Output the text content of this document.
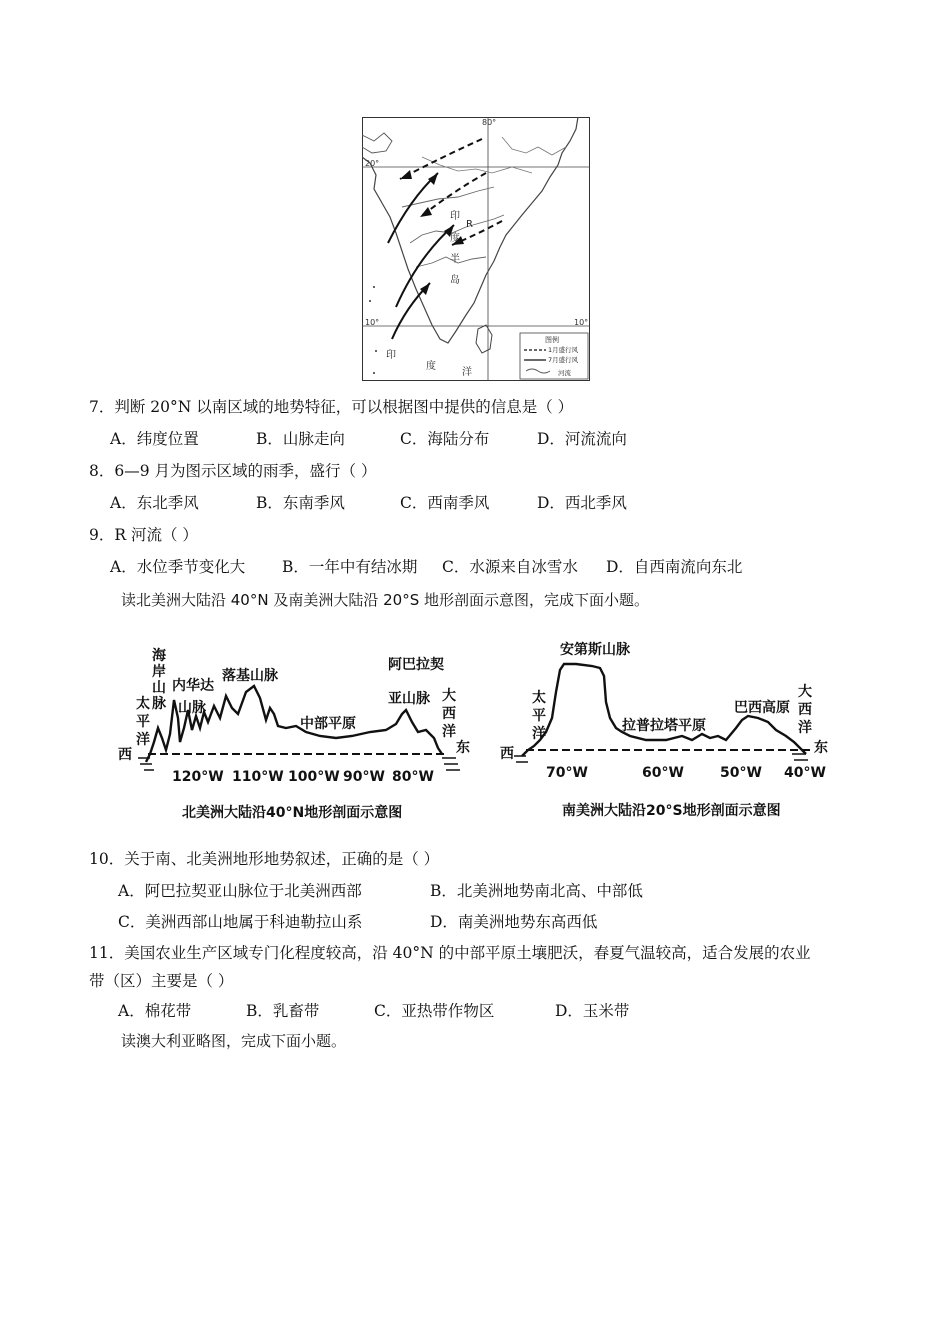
20°
10°	10°
80°
印
R
度
半
岛
印
度
洋
图例
1月盛行风
7月盛行风
河流
7．判断 20°N 以南区域的地势特征，可以根据图中提供的信息是（ ）
A．纬度位置	B．山脉走向	C．海陆分布	D．河流流向
8．6—9 月为图示区域的雨季，盛行（ ）
A．东北季风	B．东南季风	C．西南季风	D．西北季风
9．R 河流（ ）
A．水位季节变化大 B．一年中有结冰期 C．水源来自冰雪水 D．自西南流向东北
读北美洲大陆沿 40°N 及南美洲大陆沿 20°S 地形剖面示意图，完成下面小题。
西	东
太
平
洋
海
岸
山
脉
内华达
山脉
落基山脉
中部平原
阿巴拉契
亚山脉 大
西
洋
120°W 110°W 100°W 90°W 80°W
北美洲大陆沿40°N地形剖面示意图
西	东
太
平
洋
安第斯山脉
拉普拉塔平原
巴西高原
大
西
洋
70°W	60°W	50°W 40°W
南美洲大陆沿20°S地形剖面示意图
10．关于南、北美洲地形地势叙述，正确的是（ ）
A．阿巴拉契亚山脉位于北美洲西部	B．北美洲地势南北高、中部低
C．美洲西部山地属于科迪勒拉山系	D．南美洲地势东高西低
11．美国农业生产区域专门化程度较高，沿 40°N 的中部平原土壤肥沃，春夏气温较高，适合发展的农业
带（区）主要是（ ）
A．棉花带	B．乳畜带	C．亚热带作物区	D．玉米带
读澳大利亚略图，完成下面小题。
